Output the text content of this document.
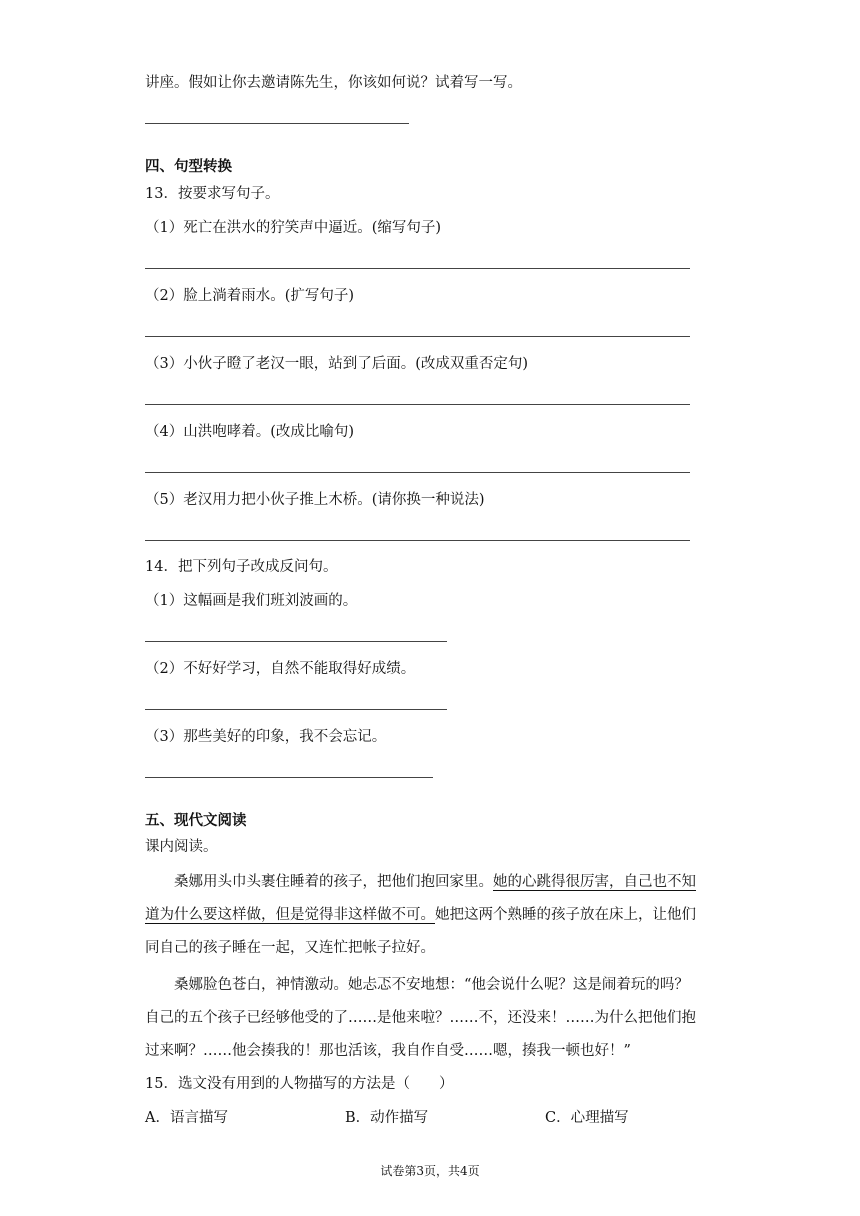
讲座。假如让你去邀请陈先生，你该如何说？试着写一写。
四、句型转换
13．按要求写句子。
（1）死亡在洪水的狞笑声中逼近。(缩写句子)
（2）脸上淌着雨水。(扩写句子)
（3）小伙子瞪了老汉一眼，站到了后面。(改成双重否定句)
（4）山洪咆哮着。(改成比喻句)
（5）老汉用力把小伙子推上木桥。(请你换一种说法)
14．把下列句子改成反问句。
（1）这幅画是我们班刘波画的。
（2）不好好学习，自然不能取得好成绩。
（3）那些美好的印象，我不会忘记。
五、现代文阅读
课内阅读。
桑娜用头巾头裹住睡着的孩子，把他们抱回家里。她的心跳得很厉害，自己也不知
道为什么要这样做，但是觉得非这样做不可。她把这两个熟睡的孩子放在床上，让他们
同自己的孩子睡在一起，又连忙把帐子拉好。
桑娜脸色苍白，神情激动。她忐忑不安地想：“他会说什么呢？这是闹着玩的吗？
自己的五个孩子已经够他受的了……是他来啦？……不，还没来！……为什么把他们抱
过来啊？……他会揍我的！那也活该，我自作自受……嗯，揍我一顿也好！”
15．选文没有用到的人物描写的方法是（　　）
A．语言描写	B．动作描写	C．心理描写
试卷第3页，共4页
